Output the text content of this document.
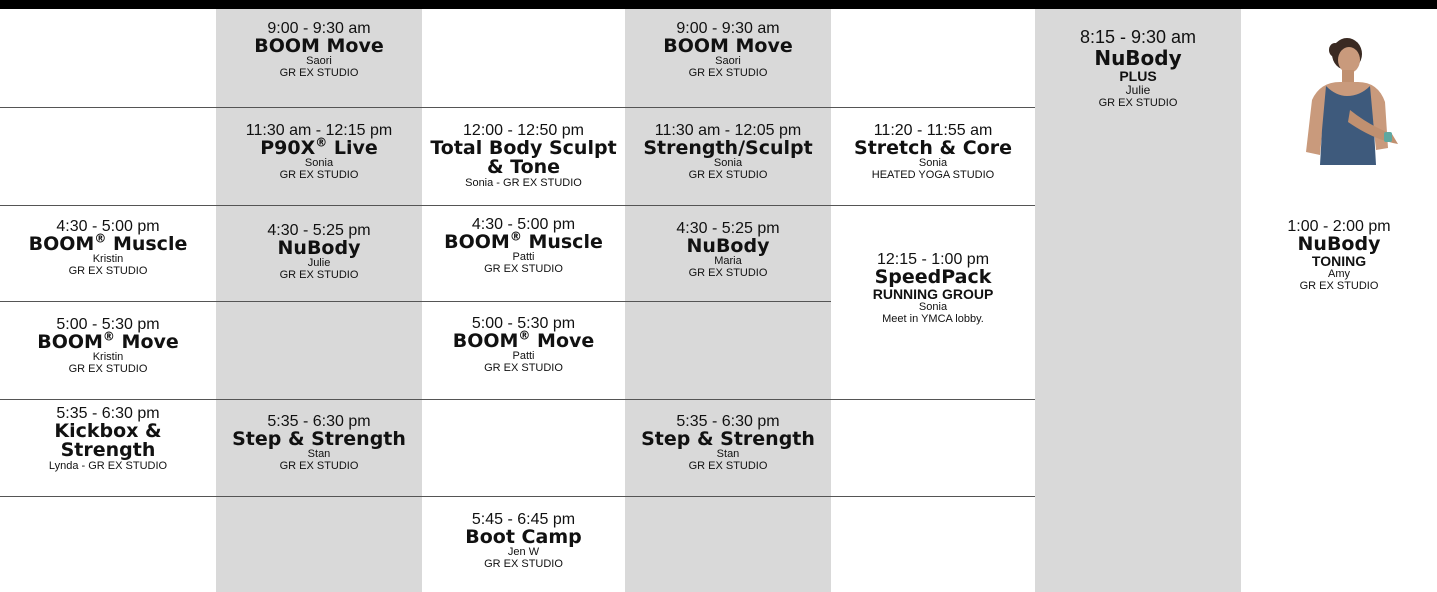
4:30 - 5:00 pm
BOOM® Muscle
Kristin
GR EX STUDIO
5:00 - 5:30 pm
BOOM® Move
Kristin
GR EX STUDIO
5:35 - 6:30 pm
Kickbox &
Strength
Lynda - GR EX STUDIO
9:00 - 9:30 am
BOOM Move
Saori
GR EX STUDIO
11:30 am - 12:15 pm
P90X® Live
Sonia
GR EX STUDIO
4:30 - 5:25 pm
NuBody
Julie
GR EX STUDIO
5:35 - 6:30 pm
Step & Strength
Stan
GR EX STUDIO
12:00 - 12:50 pm
Total Body Sculpt
& Tone
Sonia - GR EX STUDIO
4:30 - 5:00 pm
BOOM® Muscle
Patti
GR EX STUDIO
5:00 - 5:30 pm
BOOM® Move
Patti
GR EX STUDIO
5:45 - 6:45 pm
Boot Camp
Jen W
GR EX STUDIO
9:00 - 9:30 am
BOOM Move
Saori
GR EX STUDIO
11:30 am - 12:05 pm
Strength/Sculpt
Sonia
GR EX STUDIO
4:30 - 5:25 pm
NuBody
Maria
GR EX STUDIO
5:35 - 6:30 pm
Step & Strength
Stan
GR EX STUDIO
11:20 - 11:55 am
Stretch & Core
Sonia
HEATED YOGA STUDIO
12:15 - 1:00 pm
SpeedPack
RUNNING GROUP
Sonia
Meet in YMCA lobby.
8:15 - 9:30 am
NuBody
PLUS
Julie
GR EX STUDIO
1:00 - 2:00 pm
NuBody
TONING
Amy
GR EX STUDIO
